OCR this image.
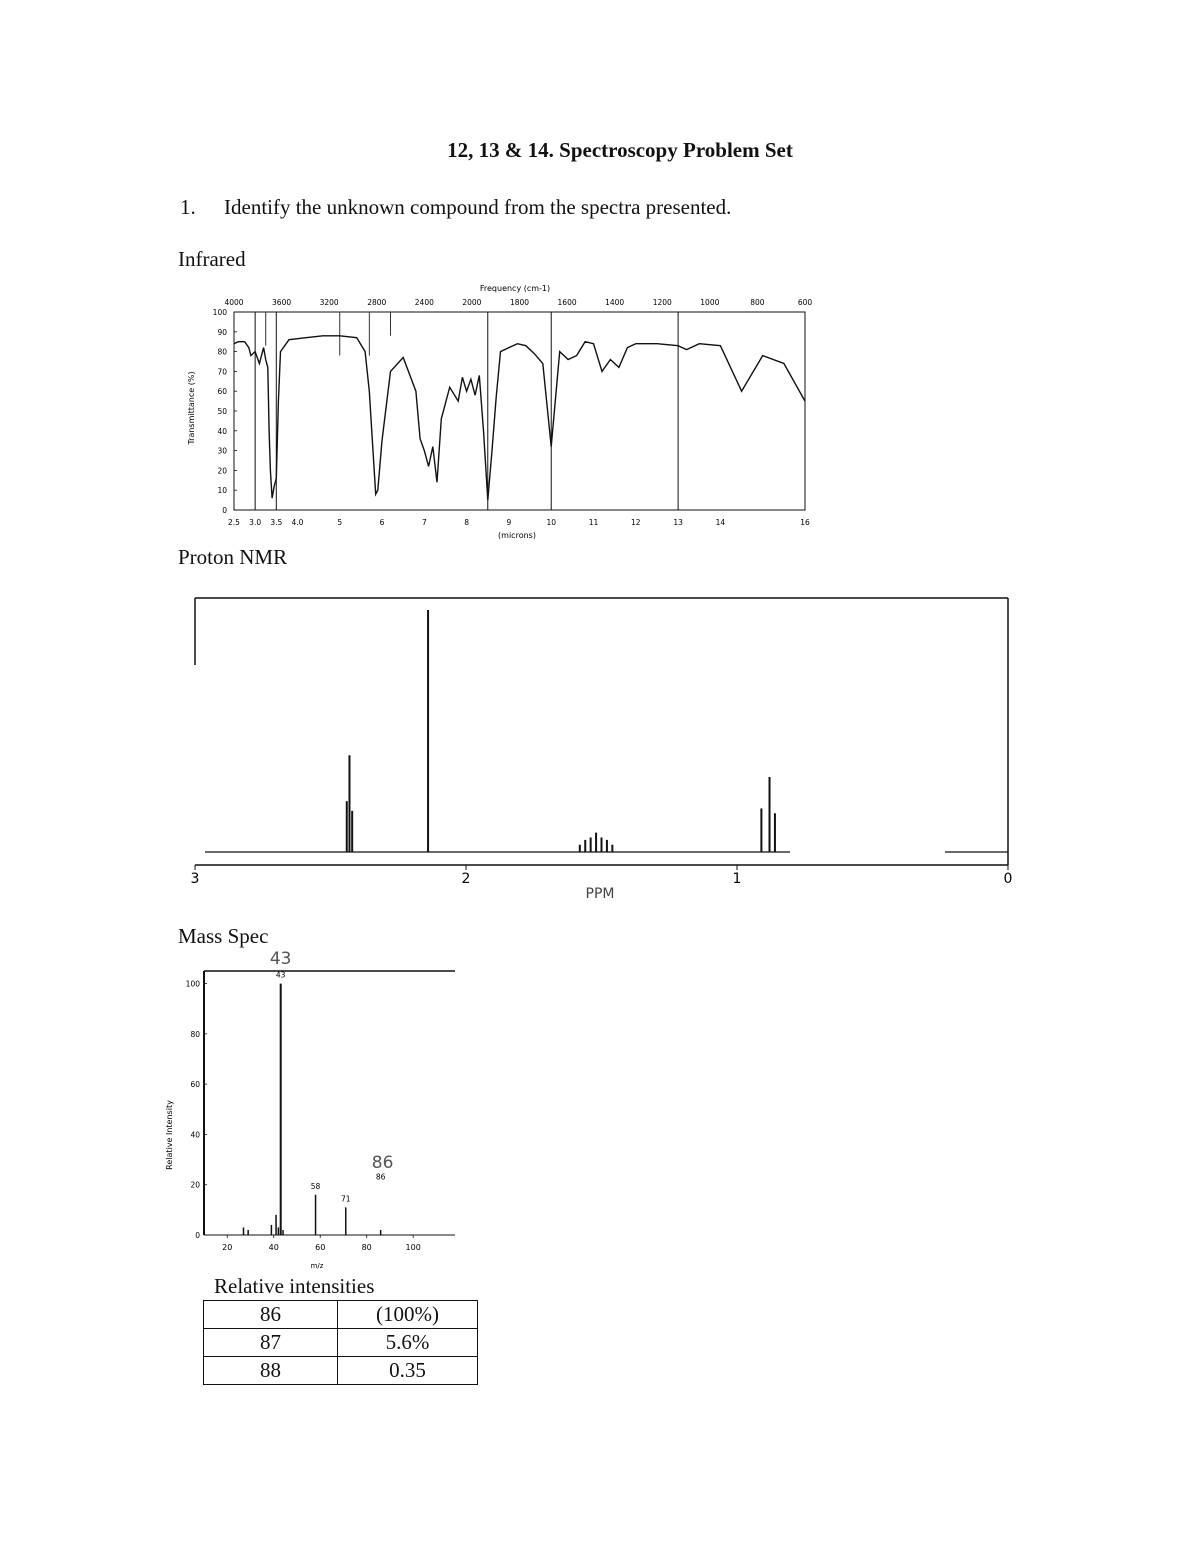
12, 13 & 14. Spectroscopy Problem Set
1. Identify the unknown compound from the spectra presented.
Infrared
Frequency (cm-1)
Transmittance (%)
(microns)
4000	3600	3200	2800	2400	2000	1800	1600	1400	1200	1000	800	600
2.5 3.0 3.5 4.0	5	6	7	8	9	10	11	12	13	14	16
100
90
80
70
60
50
40
30
20
10
0
Proton NMR
3	2	1	0
PPM
Mass Spec
Relative Intensity
m/z
0
20
40
60
80
100
20	40	60	80	100
43
58
71
86
43
86
Relative intensities
86	(100%)
87	5.6%
88	0.35
